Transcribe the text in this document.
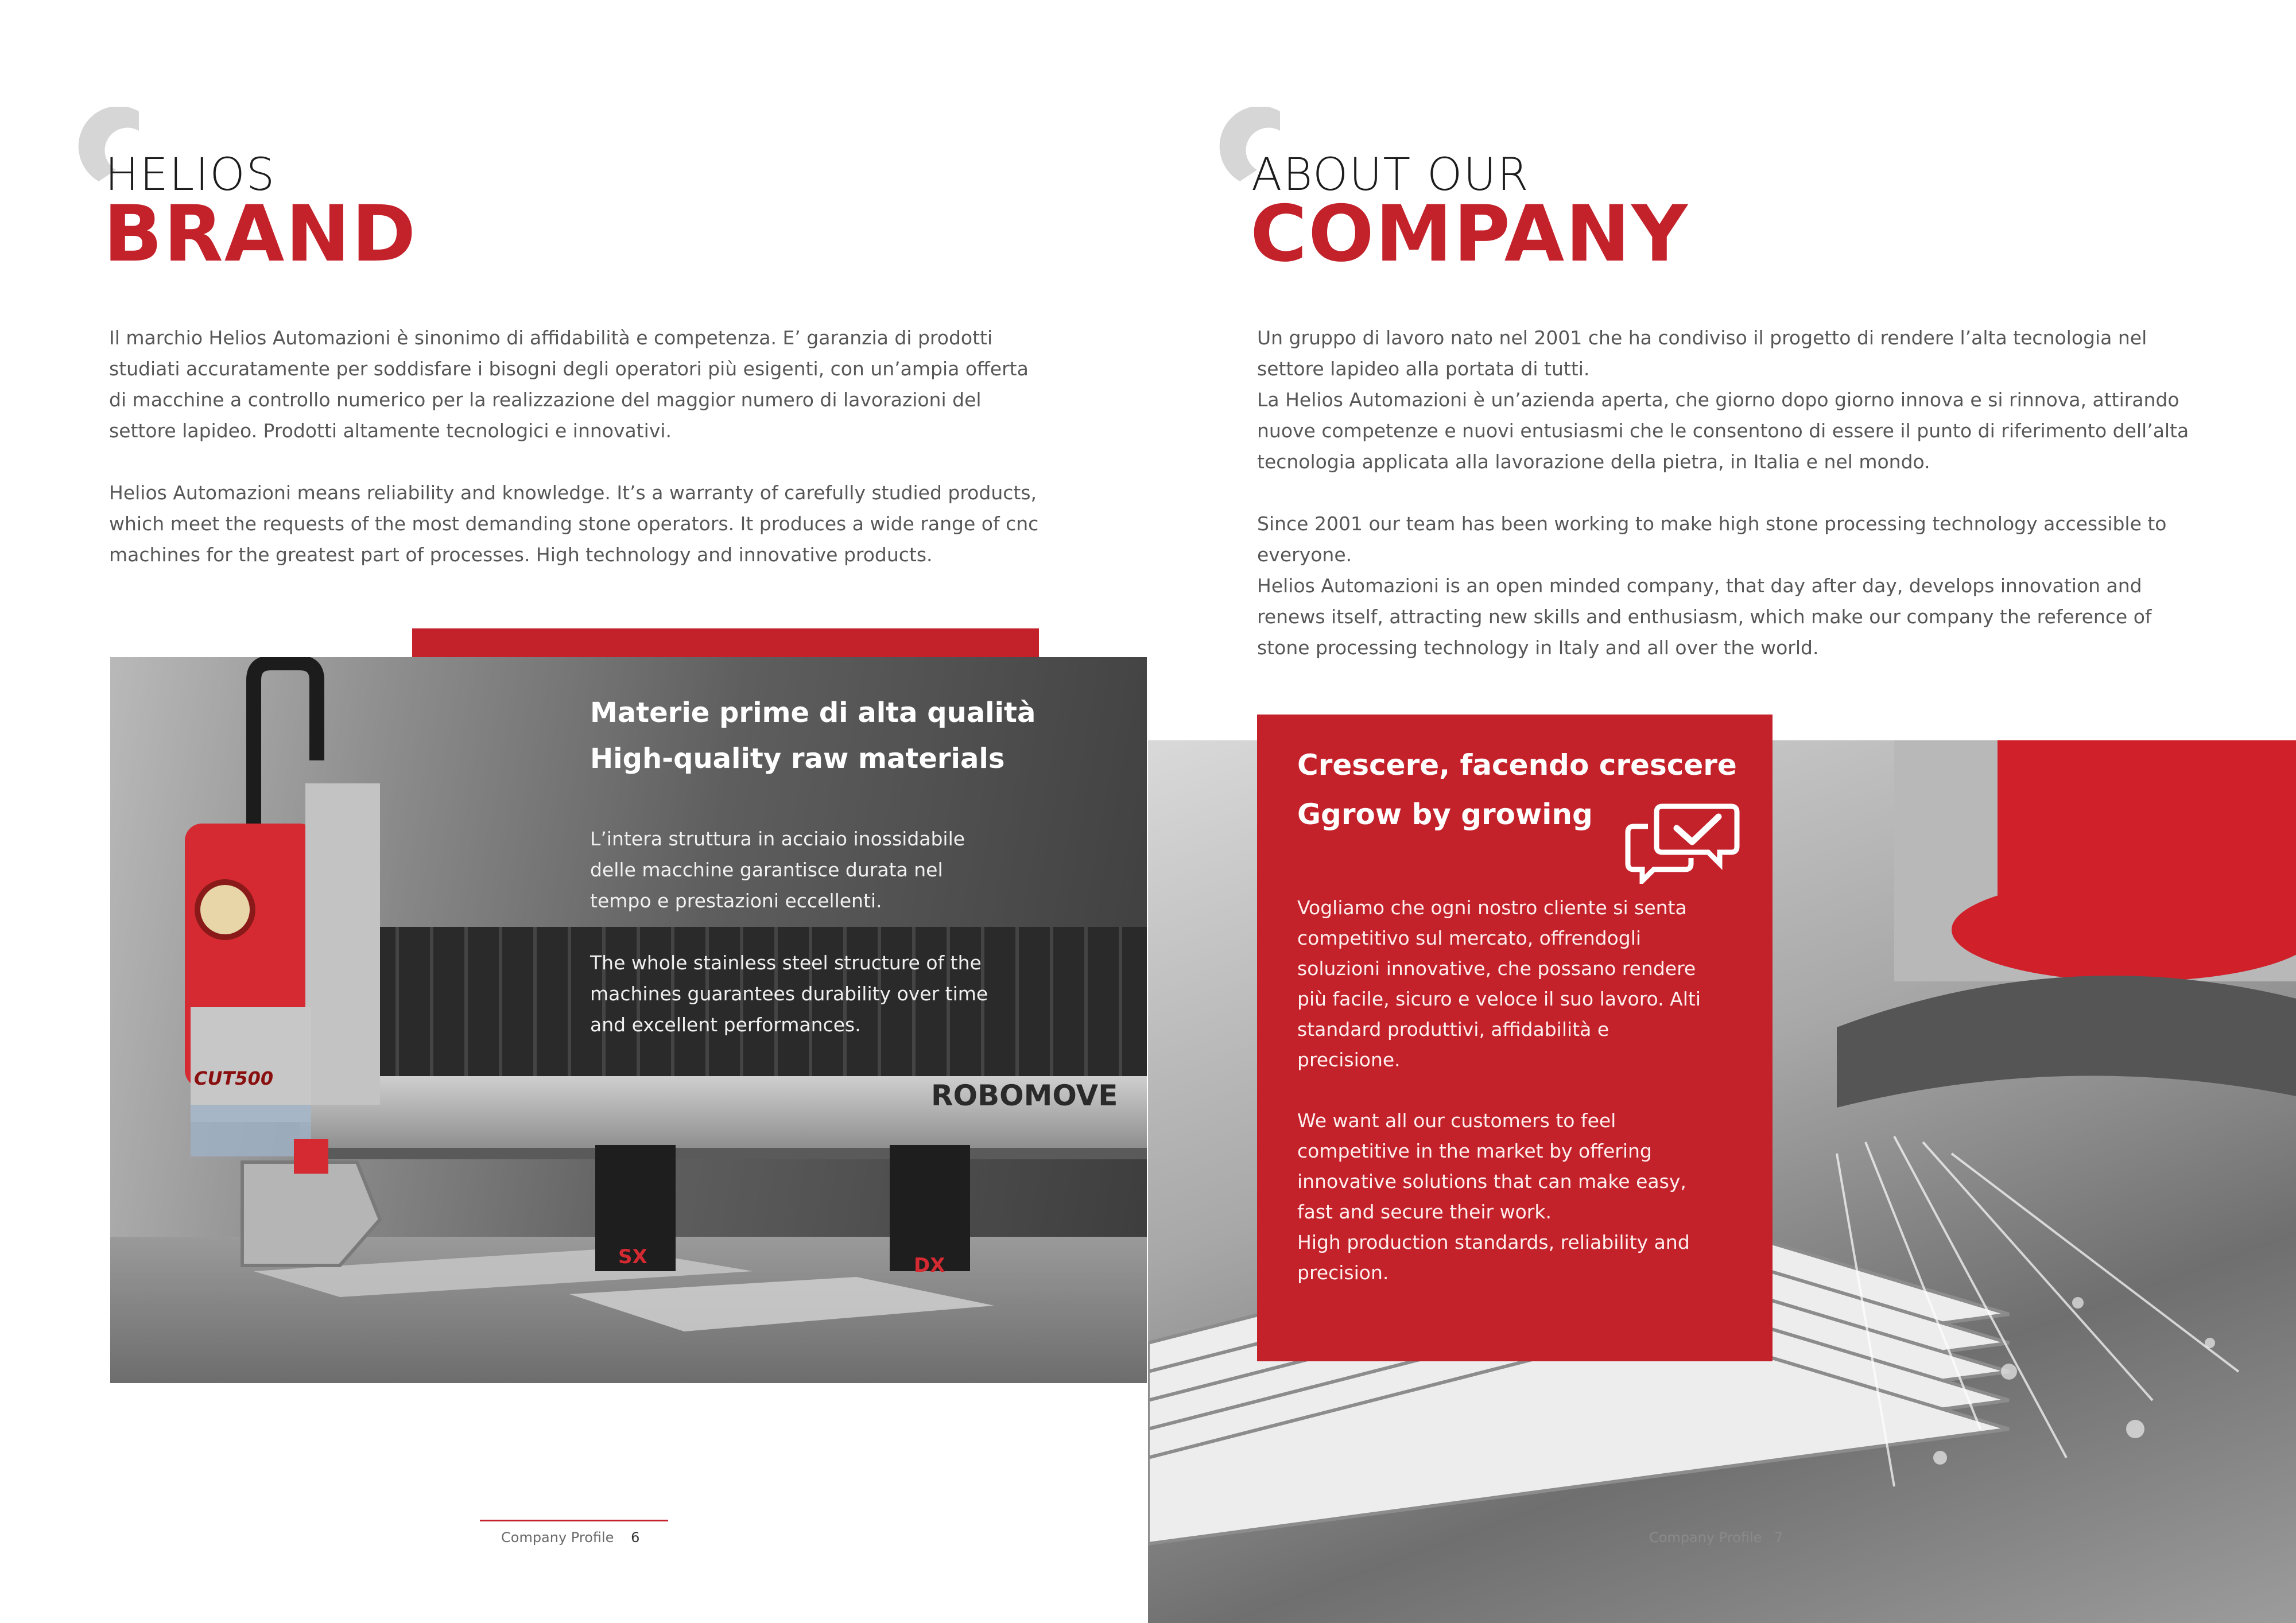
HELIOS
BRAND

Il marchio Helios Automazioni è sinonimo di affidabilità e competenza. E’ garanzia di prodotti studiati accuratamente per soddisfare i bisogni degli operatori più esigenti, con un’ampia offerta di macchine a controllo numerico per la realizzazione del maggior numero di lavorazioni del settore lapideo. Prodotti altamente tecnologici e innovativi.

Helios Automazioni means reliability and knowledge. It’s a warranty of carefully studied products, which meet the requests of the most demanding stone operators. It produces a wide range of cnc machines for the greatest part of processes. High technology and innovative products.

ROBOMOVE
CUT500
SX	DX
Materie prime di alta qualità
High-quality raw materials

L’intera struttura in acciaio inossidabile delle macchine garantisce durata nel tempo e prestazioni eccellenti.

The whole stainless steel structure of the machines guarantees durability over time and excellent performances.

Company Profile 6
ABOUT OUR
COMPANY

Un gruppo di lavoro nato nel 2001 che ha condiviso il progetto di rendere l’alta tecnologia nel settore lapideo alla portata di tutti.
La Helios Automazioni è un’azienda aperta, che giorno dopo giorno innova e si rinnova, attirando nuove competenze e nuovi entusiasmi che le consentono di essere il punto di riferimento dell’alta tecnologia applicata alla lavorazione della pietra, in Italia e nel mondo.

Since 2001 our team has been working to make high stone processing technology accessible to everyone.
Helios Automazioni is an open minded company, that day after day, develops innovation and renews itself, attracting new skills and enthusiasm, which make our company the reference of stone processing technology in Italy and all over the world.

Crescere, facendo crescere
Ggrow by growing

Vogliamo che ogni nostro cliente si senta competitivo sul mercato, offrendogli soluzioni innovative, che possano rendere più facile, sicuro e veloce il suo lavoro. Alti standard produttivi, affidabilità e precisione.

We want all our customers to feel competitive in the market by offering innovative solutions that can make easy, fast and secure their work.
High production standards, reliability and precision.

Company Profile 7
